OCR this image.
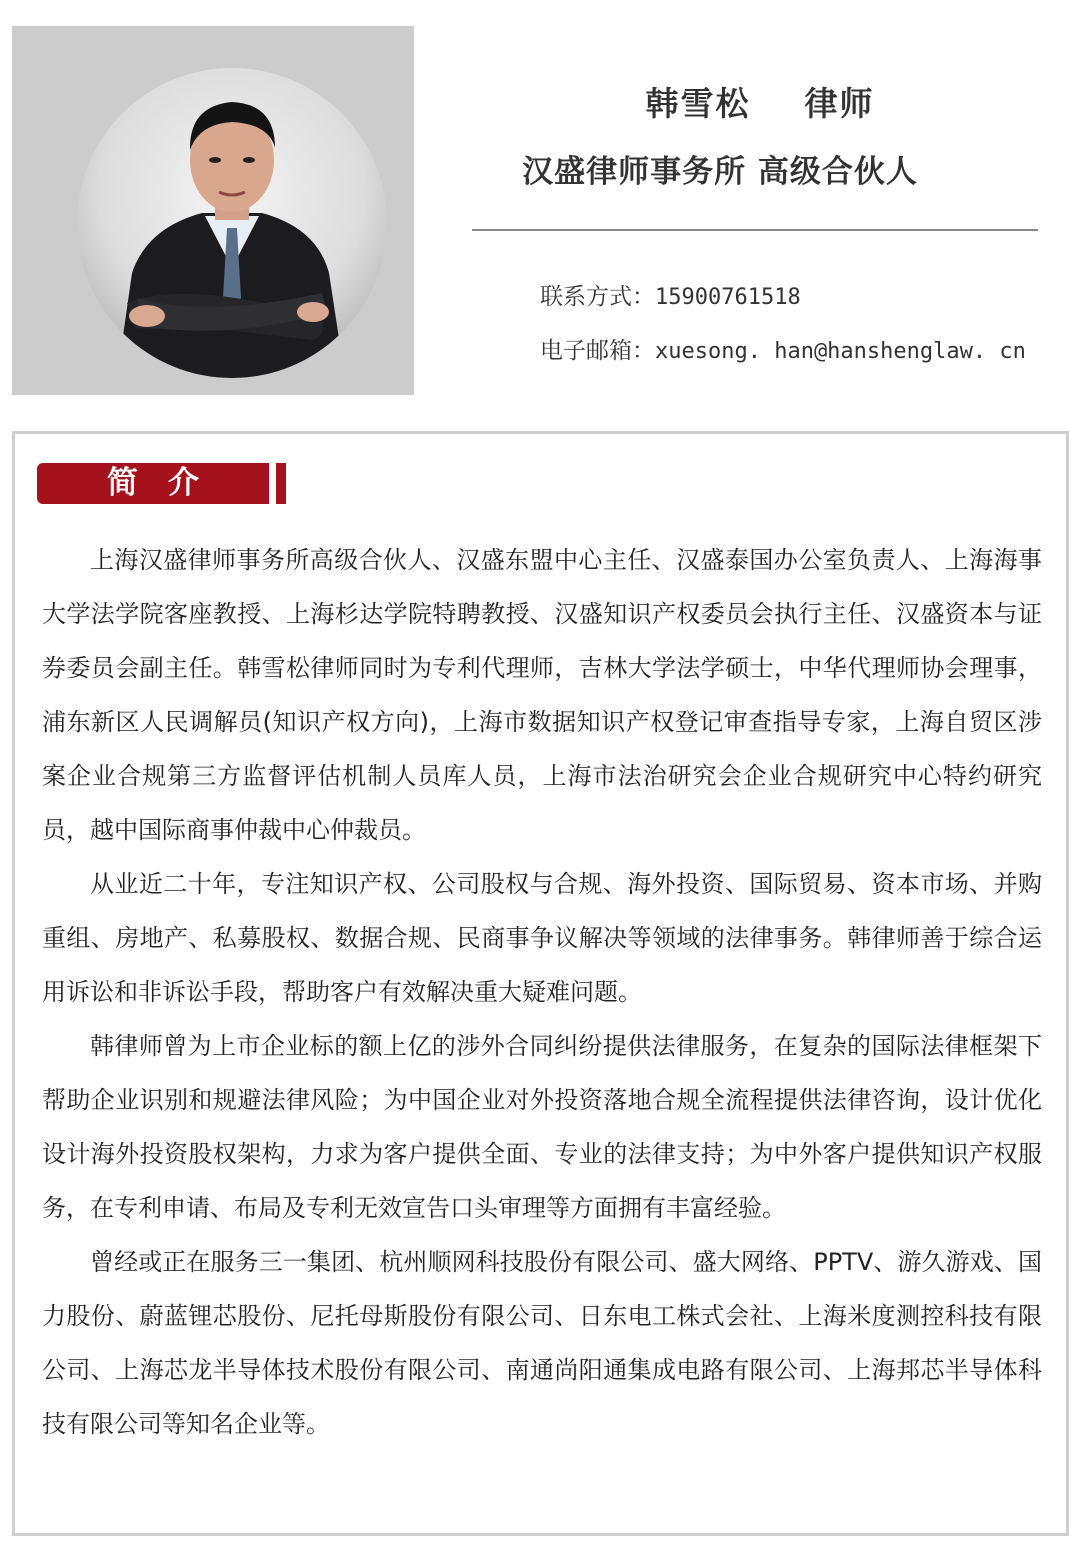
韩雪松 律师
汉盛律师事务所 高级合伙人
联系方式：15900761518
电子邮箱：xuesong. han@hanshenglaw. cn
简介

上海汉盛律师事务所高级合伙人、汉盛东盟中心主任、汉盛泰国办公室负责人、上海海事大学法学院客座教授、上海杉达学院特聘教授、汉盛知识产权委员会执行主任、汉盛资本与证券委员会副主任。韩雪松律师同时为专利代理师，吉林大学法学硕士，中华代理师协会理事，浦东新区人民调解员(知识产权方向)，上海市数据知识产权登记审查指导专家，上海自贸区涉案企业合规第三方监督评估机制人员库人员，上海市法治研究会企业合规研究中心特约研究员，越中国际商事仲裁中心仲裁员。

从业近二十年，专注知识产权、公司股权与合规、海外投资、国际贸易、资本市场、并购重组、房地产、私募股权、数据合规、民商事争议解决等领域的法律事务。韩律师善于综合运用诉讼和非诉讼手段，帮助客户有效解决重大疑难问题。

韩律师曾为上市企业标的额上亿的涉外合同纠纷提供法律服务，在复杂的国际法律框架下帮助企业识别和规避法律风险；为中国企业对外投资落地合规全流程提供法律咨询，设计优化设计海外投资股权架构，力求为客户提供全面、专业的法律支持；为中外客户提供知识产权服务，在专利申请、布局及专利无效宣告口头审理等方面拥有丰富经验。

曾经或正在服务三一集团、杭州顺网科技股份有限公司、盛大网络、PPTV、游久游戏、国力股份、蔚蓝锂芯股份、尼托母斯股份有限公司、日东电工株式会社、上海米度测控科技有限公司、上海芯龙半导体技术股份有限公司、南通尚阳通集成电路有限公司、上海邦芯半导体科技有限公司等知名企业等。
